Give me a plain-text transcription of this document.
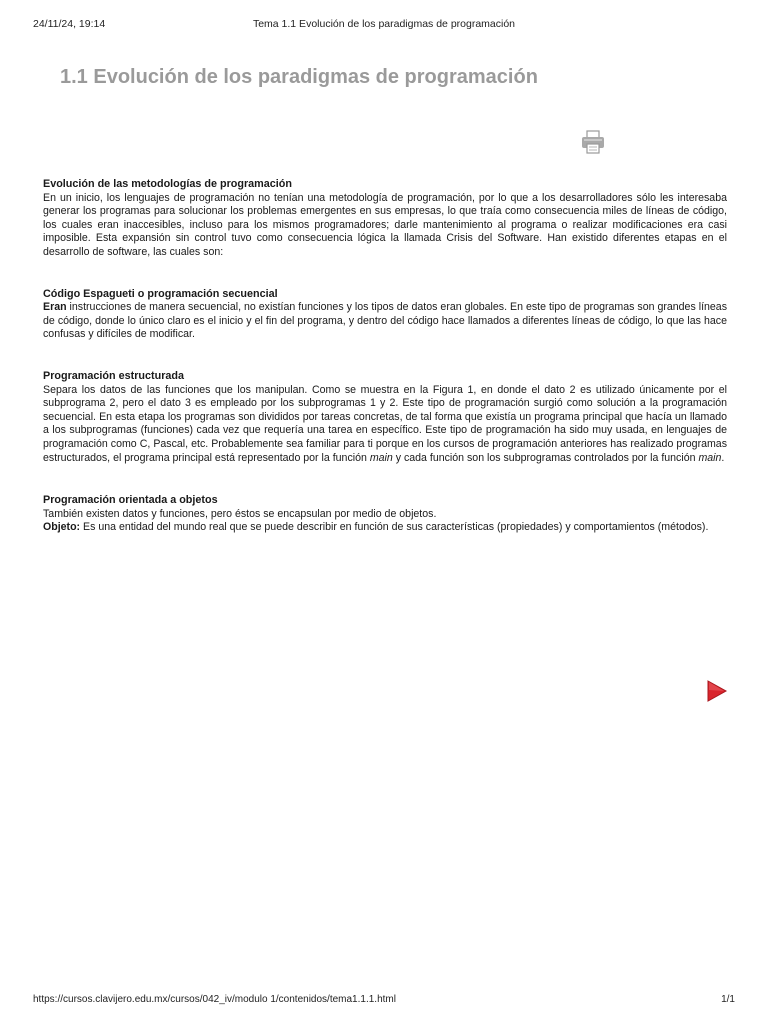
24/11/24, 19:14	Tema 1.1 Evolución de los paradigmas de programación
1.1 Evolución de los paradigmas de programación
Evolución de las metodologías de programación

En un inicio, los lenguajes de programación no tenían una metodología de programación, por lo que a los desarrolladores sólo les interesaba generar los programas para solucionar los problemas emergentes en sus empresas, lo que traía como consecuencia miles de líneas de código, los cuales eran inaccesibles, incluso para los mismos programadores; darle mantenimiento al programa o realizar modificaciones era casi imposible. Esta expansión sin control tuvo como consecuencia lógica la llamada Crisis del Software. Han existido diferentes etapas en el desarrollo de software, las cuales son:

Código Espagueti o programación secuencial

Eran instrucciones de manera secuencial, no existían funciones y los tipos de datos eran globales. En este tipo de programas son grandes líneas de código, donde lo único claro es el inicio y el fin del programa, y dentro del código hace llamados a diferentes líneas de código, lo que las hace confusas y difíciles de modificar.

Programación estructurada

Separa los datos de las funciones que los manipulan. Como se muestra en la Figura 1, en donde el dato 2 es utilizado únicamente por el subprograma 2, pero el dato 3 es empleado por los subprogramas 1 y 2. Este tipo de programación surgió como solución a la programación secuencial. En esta etapa los programas son divididos por tareas concretas, de tal forma que existía un programa principal que hacía un llamado a los subprogramas (funciones) cada vez que requería una tarea en específico. Este tipo de programación ha sido muy usada, en lenguajes de programación como C, Pascal, etc. Probablemente sea familiar para ti porque en los cursos de programación anteriores has realizado programas estructurados, el programa principal está representado por la función main y cada función son los subprogramas controlados por la función main.

Programación orientada a objetos

También existen datos y funciones, pero éstos se encapsulan por medio de objetos.

Objeto: Es una entidad del mundo real que se puede describir en función de sus características (propiedades) y comportamientos (métodos).

https://cursos.clavijero.edu.mx/cursos/042_iv/modulo 1/contenidos/tema1.1.1.html	1/1
